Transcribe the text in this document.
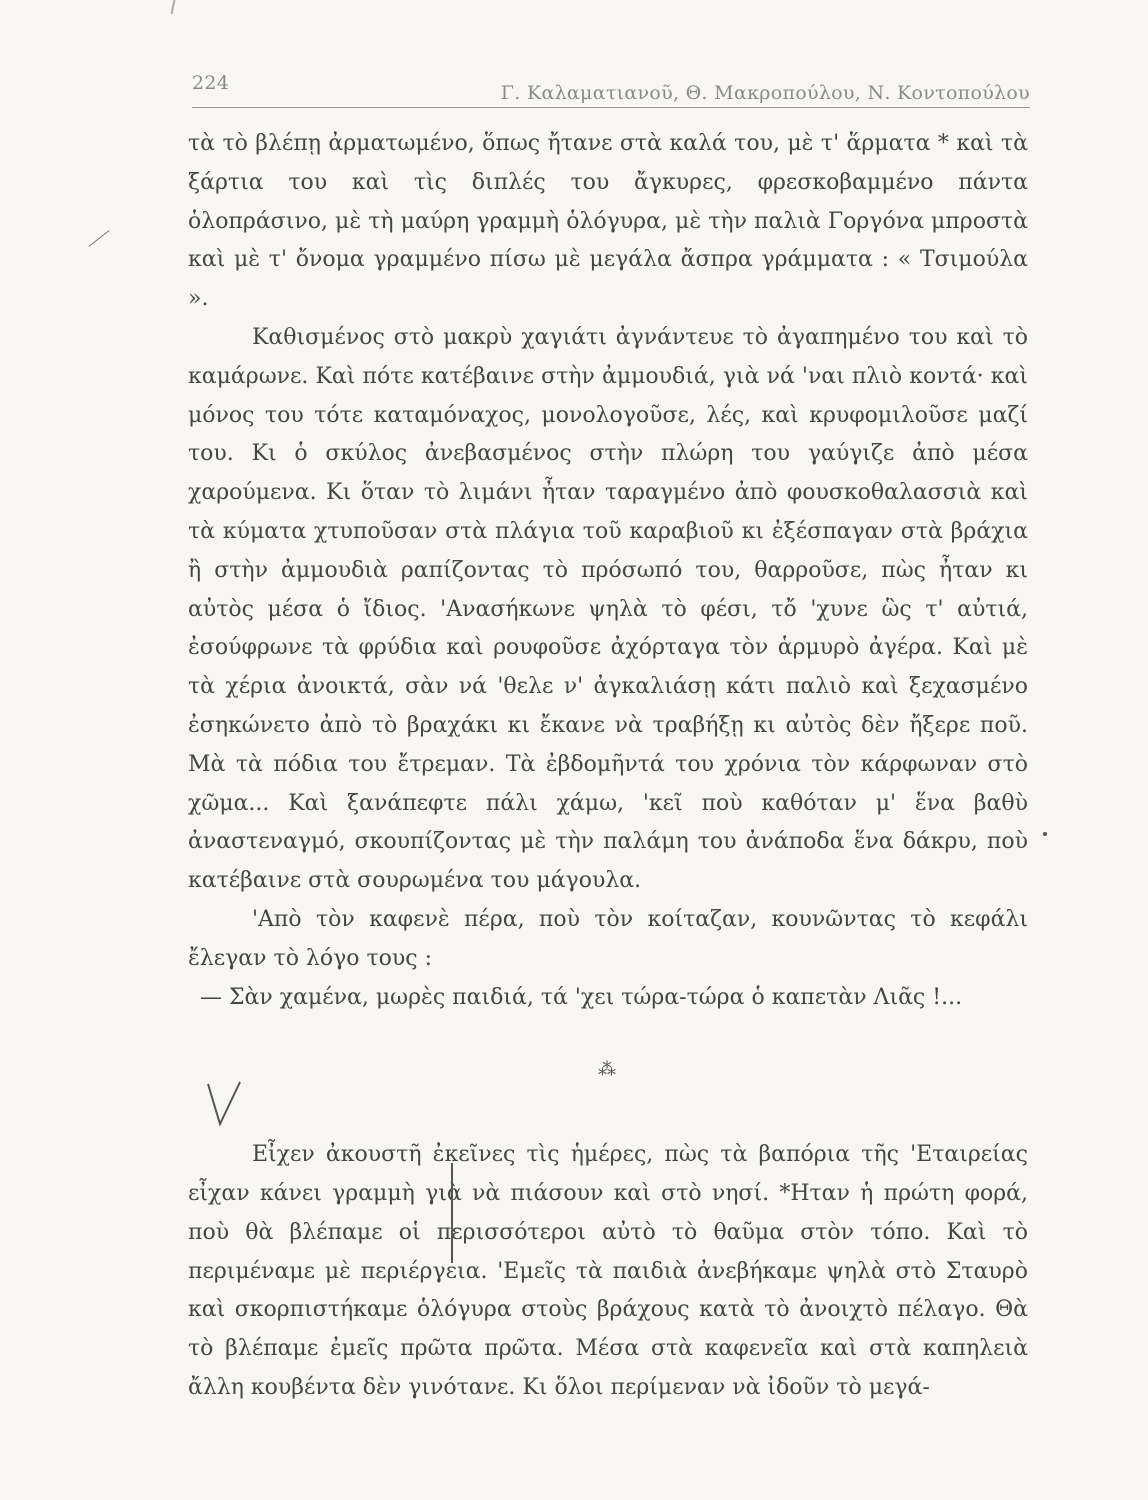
224	Γ. Καλαματιανοῦ, Θ. Μακροπούλου, Ν. Κοντοπούλου

τὰ τὸ βλέπῃ ἀρματωμένο, ὅπως ἤτανε στὰ καλά του, μὲ τ' ἅρματα * καὶ τὰ ξάρτια του καὶ τὶς διπλές του ἄγκυρες, φρεσκοβαμμένο πάντα ὁλοπράσινο, μὲ τὴ μαύρη γραμμὴ ὁλόγυρα, μὲ τὴν παλιὰ Γοργόνα μπροστὰ καὶ μὲ τ' ὄνομα γραμμένο πίσω μὲ μεγάλα ἄσπρα γράμματα : « Τσιμούλα ».

Καθισμένος στὸ μακρὺ χαγιάτι ἀγνάντευε τὸ ἀγαπημένο του καὶ τὸ καμάρωνε. Καὶ πότε κατέβαινε στὴν ἀμμουδιά, γιὰ νά 'ναι πλιὸ κοντά· καὶ μόνος του τότε καταμόναχος, μονολογοῦσε, λές, καὶ κρυφομιλοῦσε μαζί του. Κι ὁ σκύλος ἀνεβασμένος στὴν πλώρη του γαύγιζε ἀπὸ μέσα χαρούμενα. Κι ὅταν τὸ λιμάνι ἦταν ταραγμένο ἀπὸ φουσκοθαλασσιὰ καὶ τὰ κύματα χτυποῦσαν στὰ πλάγια τοῦ καραβιοῦ κι ἐξέσπαγαν στὰ βράχια ἢ στὴν ἀμμουδιὰ ραπίζοντας τὸ πρόσωπό του, θαρροῦσε, πὼς ἦταν κι αὐτὸς μέσα ὁ ἴδιος. 'Ανασήκωνε ψηλὰ τὸ φέσι, τὄ 'χυνε ὣς τ' αὐτιά, ἐσούφρωνε τὰ φρύδια καὶ ρουφοῦσε ἀχόρταγα τὸν ἁρμυρὸ ἀγέρα. Καὶ μὲ τὰ χέρια ἀνοικτά, σὰν νά 'θελε ν' ἀγκαλιάσῃ κάτι παλιὸ καὶ ξεχασμένο ἐσηκώνετο ἀπὸ τὸ βραχάκι κι ἔκανε νὰ τραβήξῃ κι αὐτὸς δὲν ἤξερε ποῦ. Μὰ τὰ πόδια του ἔτρεμαν. Τὰ ἐβδομῆντά του χρόνια τὸν κάρφωναν στὸ χῶμα... Καὶ ξανάπεφτε πάλι χάμω, 'κεῖ ποὺ καθόταν μ' ἕνα βαθὺ ἀναστεναγμό, σκουπίζοντας μὲ τὴν παλάμη του ἀνάποδα ἕνα δάκρυ, ποὺ κατέβαινε στὰ σουρωμένα του μάγουλα.

'Απὸ τὸν καφενὲ πέρα, ποὺ τὸν κοίταζαν, κουνῶντας τὸ κεφάλι ἔλεγαν τὸ λόγο τους :

— Σὰν χαμένα, μωρὲς παιδιά, τά 'χει τώρα-τώρα ὁ καπετὰν Λιᾶς !...

⁂

Εἶχεν ἀκουστῆ ἐκεῖνες τὶς ἡμέρες, πὼς τὰ βαπόρια τῆς 'Εταιρείας εἶχαν κάνει γραμμὴ γιὰ νὰ πιάσουν καὶ στὸ νησί. *Ηταν ἡ πρώτη φορά, ποὺ θὰ βλέπαμε οἱ περισσότεροι αὐτὸ τὸ θαῦμα στὸν τόπο. Καὶ τὸ περιμέναμε μὲ περιέργεια. 'Εμεῖς τὰ παιδιὰ ἀνεβήκαμε ψηλὰ στὸ Σταυρὸ καὶ σκορπιστήκαμε ὁλόγυρα στοὺς βράχους κατὰ τὸ ἀνοιχτὸ πέλαγο. Θὰ τὸ βλέπαμε ἐμεῖς πρῶτα πρῶτα. Μέσα στὰ καφενεῖα καὶ στὰ καπηλειὰ ἄλλη κουβέντα δὲν γινότανε. Κι ὅλοι περίμεναν νὰ ἰδοῦν τὸ μεγά-
